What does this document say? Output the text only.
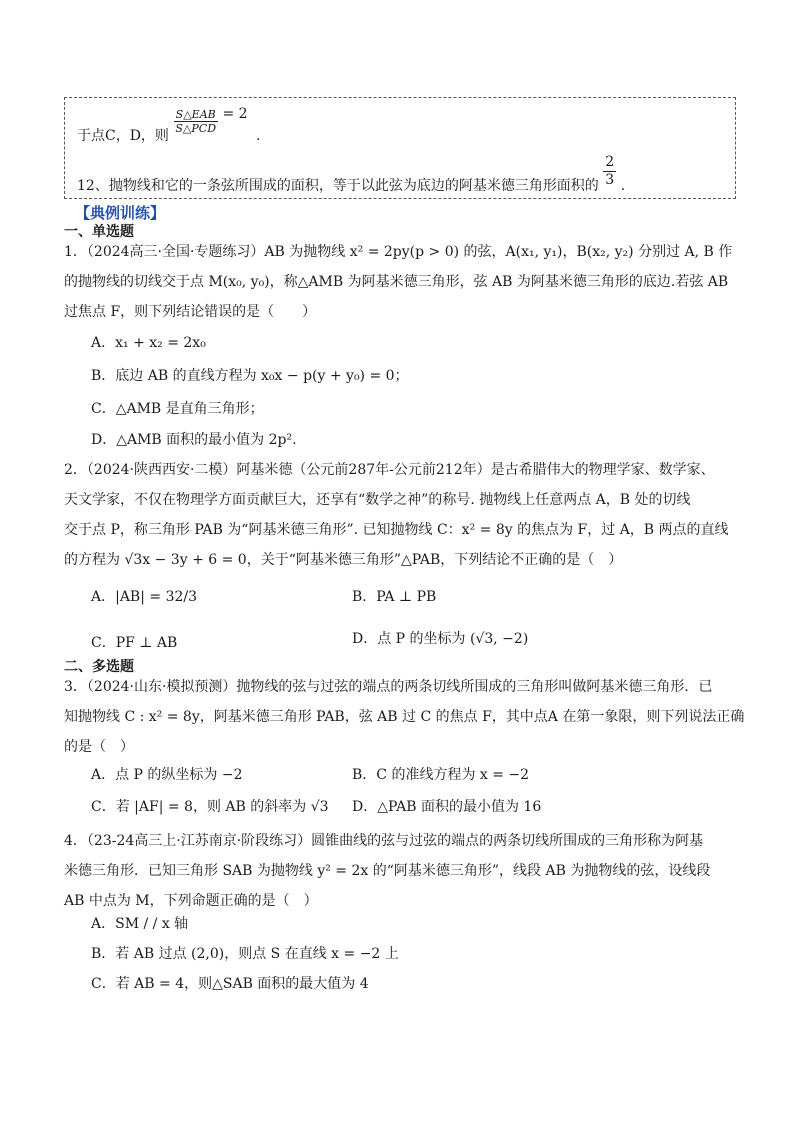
于点C，D，则
$\frac{\text{S△EAB}}{\text{S△PCD}} = 2$ .
12、抛物线和它的一条弦所围成的面积，等于以此弦为底边的阿基米德三角形面积的 $\frac{2}{3}$ .
【典例训练】
一、单选题
1．（2024高三·全国·专题练习）AB 为抛物线 x² = 2py(p > 0) 的弦，A(x₁, y₁)，B(x₂, y₂) 分别过 A, B 作
的抛物线的切线交于点 M(x₀, y₀)，称△AMB 为阿基米德三角形，弦 AB 为阿基米德三角形的底边.若弦 AB
过焦点 F，则下列结论错误的是（　　）
A．x₁ + x₂ = 2x₀
B．底边 AB 的直线方程为 x₀x − p(y + y₀) = 0；
C．△AMB 是直角三角形；
D．△AMB 面积的最小值为 2p².
2．（2024·陕西西安·二模）阿基米德（公元前287年-公元前212年）是古希腊伟大的物理学家、数学家、
天文学家，不仅在物理学方面贡献巨大，还享有“数学之神”的称号. 抛物线上任意两点 A，B 处的切线
交于点 P，称三角形 PAB 为“阿基米德三角形”. 已知抛物线 C：x² = 8y 的焦点为 F，过 A，B 两点的直线
的方程为 √3x − 3y + 6 = 0，关于“阿基米德三角形”△PAB，下列结论不正确的是（　）
A．|AB| = 32/3	B．PA ⊥ PB
C．PF ⊥ AB	D．点 P 的坐标为 (√3, −2)
二、多选题
3．（2024·山东·模拟预测）抛物线的弦与过弦的端点的两条切线所围成的三角形叫做阿基米德三角形．已
知抛物线 C : x² = 8y，阿基米德三角形 PAB，弦 AB 过 C 的焦点 F，其中点A 在第一象限，则下列说法正确
的是（　）
A．点 P 的纵坐标为 −2	B．C 的准线方程为 x = −2
C．若 |AF| = 8，则 AB 的斜率为 √3 D．△PAB 面积的最小值为 16
4．（23-24高三上·江苏南京·阶段练习）圆锥曲线的弦与过弦的端点的两条切线所围成的三角形称为阿基
米德三角形．已知三角形 SAB 为抛物线 y² = 2x 的“阿基米德三角形”，线段 AB 为抛物线的弦，设线段
AB 中点为 M，下列命题正确的是（　）
A．SM / / x 轴
B．若 AB 过点 (2,0)，则点 S 在直线 x = −2 上
C．若 AB = 4，则△SAB 面积的最大值为 4
